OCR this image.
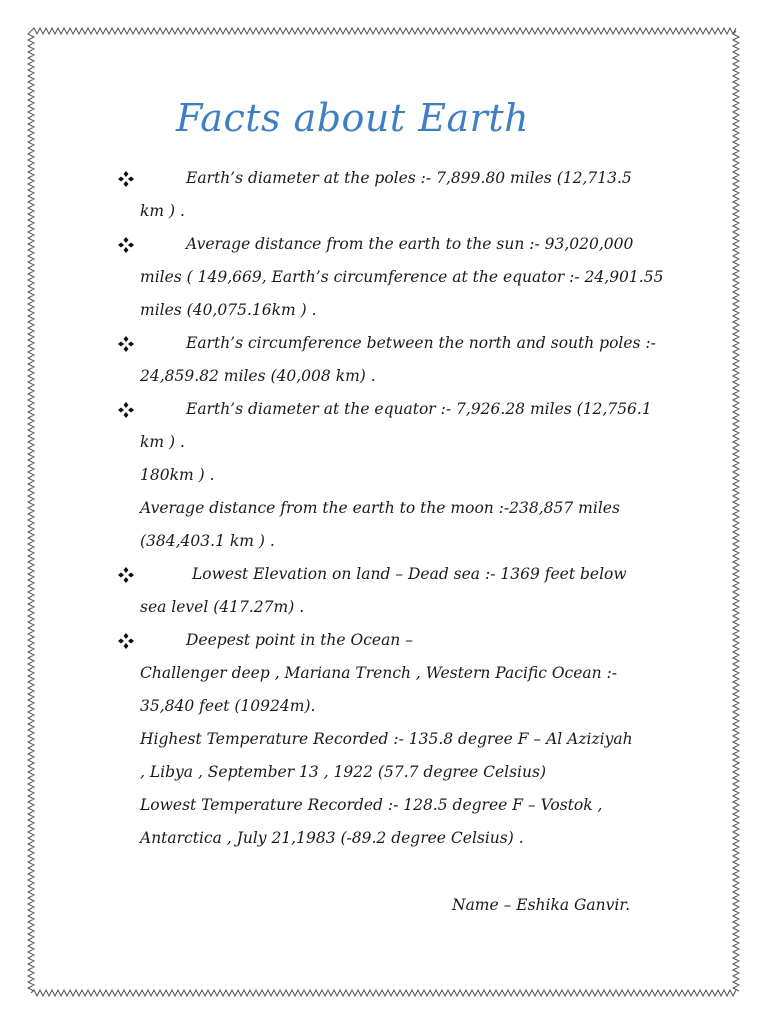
Facts about Earth
Earth’s diameter at the poles :- 7,899.80 miles (12,713.5
km ) .
Average distance from the earth to the sun :- 93,020,000
miles ( 149,669, Earth’s circumference at the equator :- 24,901.55
miles (40,075.16km ) .
Earth’s circumference between the north and south poles :-
24,859.82 miles (40,008 km) .
Earth’s diameter at the equator :- 7,926.28 miles (12,756.1
km ) .
180km ) .
Average distance from the earth to the moon :-238,857 miles
(384,403.1 km ) .
Lowest Elevation on land – Dead sea :- 1369 feet below
sea level (417.27m) .
Deepest point in the Ocean –
Challenger deep , Mariana Trench , Western Pacific Ocean :-
35,840 feet (10924m).
Highest Temperature Recorded :- 135.8 degree F – Al Aziziyah
, Libya , September 13 , 1922 (57.7 degree Celsius)
Lowest Temperature Recorded :- 128.5 degree F – Vostok ,
Antarctica , July 21,1983 (-89.2 degree Celsius) .
Name – Eshika Ganvir.
